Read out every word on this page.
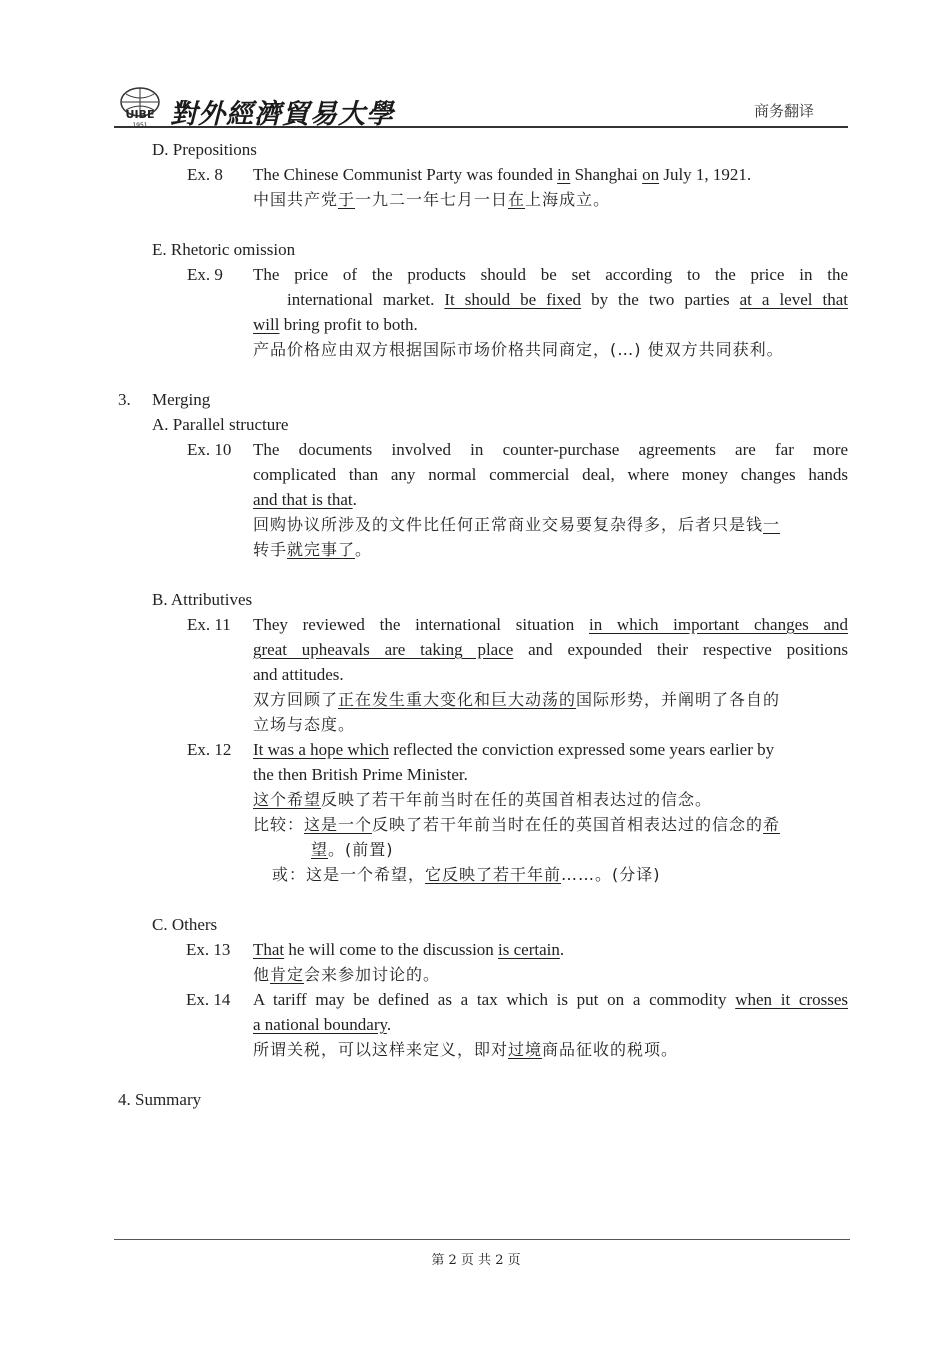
UIBE
1951 對外經濟貿易大學	商务翻译
D. Prepositions
Ex. 8 The Chinese Communist Party was founded in Shanghai on July 1, 1921.
中国共产党于一九二一年七月一日在上海成立。
E. Rhetoric omission
Ex. 9 The price of the products should be set according to the price in the
international market. It should be fixed by the two parties at a level that
will bring profit to both.
产品价格应由双方根据国际市场价格共同商定，(…) 使双方共同获利。
3. Merging
A. Parallel structure
Ex. 10 The documents involved in counter-purchase agreements are far more
complicated than any normal commercial deal, where money changes hands
and that is that.
回购协议所涉及的文件比任何正常商业交易要复杂得多，后者只是钱一
转手就完事了。
B. Attributives
Ex. 11 They reviewed the international situation in which important changes and
great upheavals are taking place and expounded their respective positions
and attitudes.
双方回顾了正在发生重大变化和巨大动荡的国际形势，并阐明了各自的
立场与态度。
Ex. 12 It was a hope which reflected the conviction expressed some years earlier by
the then British Prime Minister.
这个希望反映了若干年前当时在任的英国首相表达过的信念。
比较：这是一个反映了若干年前当时在任的英国首相表达过的信念的希
望。(前置)
或：这是一个希望，它反映了若干年前……。(分译)
C. Others
Ex. 13 That he will come to the discussion is certain.
他肯定会来参加讨论的。
Ex. 14 A tariff may be defined as a tax which is put on a commodity when it crosses
a national boundary.
所谓关税，可以这样来定义，即对过境商品征收的税项。
4. Summary
第 2 页 共 2 页
